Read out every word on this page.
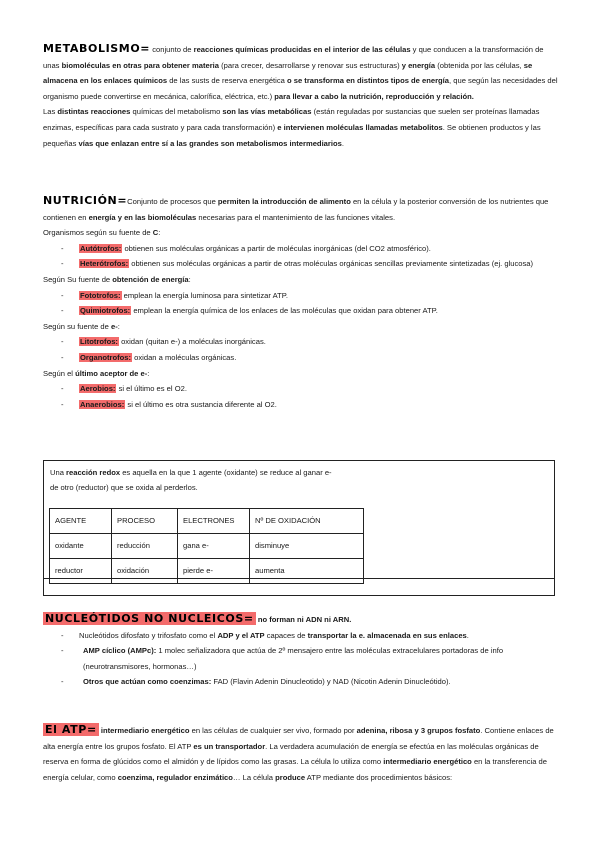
METABOLISMO= conjunto de reacciones químicas producidas en el interior de las células y que conducen a la transformación de unas biomoléculas en otras para obtener materia (para crecer, desarrollarse y renovar sus estructuras) y energía (obtenida por las células, se almacena en los enlaces químicos de las susts de reserva energética o se transforma en distintos tipos de energía, que según las necesidades del organismo puede convertirse en mecánica, calorífica, eléctrica, etc.) para llevar a cabo la nutrición, reproducción y relación.

Las distintas reacciones químicas del metabolismo son las vías metabólicas (están reguladas por sustancias que suelen ser proteínas llamadas enzimas, específicas para cada sustrato y para cada transformación) e intervienen moléculas llamadas metabolitos. Se obtienen productos y las pequeñas vías que enlazan entre sí a las grandes son metabolismos intermediarios.

NUTRICIÓN=Conjunto de procesos que permiten la introducción de alimento en la célula y la posterior conversión de los nutrientes que contienen en energía y en las biomoléculas necesarias para el mantenimiento de las funciones vitales.

Organismos según su fuente de C:

-	Autótrofos: obtienen sus moléculas orgánicas a partir de moléculas inorgánicas (del CO2 atmosférico).
-	Heterótrofos: obtienen sus moléculas orgánicas a partir de otras moléculas orgánicas sencillas previamente sintetizadas (ej. glucosa)

Según Su fuente de obtención de energía:

-	Fototrofos: emplean la energía luminosa para sintetizar ATP.
-	Quimiotrofos: emplean la energía química de los enlaces de las moléculas que oxidan para obtener ATP.

Según su fuente de e-:

-	Litotrofos: oxidan (quitan e-) a moléculas inorgánicas.
-	Organotrofos: oxidan a moléculas orgánicas.

Según el último aceptor de e-:

-	Aerobios: si el último es el O2.
-	Anaerobios: si el último es otra sustancia diferente al O2.
Una reacción redox es aquella en la que 1 agente (oxidante) se reduce al ganar e- de otro (reductor) que se oxida al perderlos.
AGENTE	PROCESO	ELECTRONES	Nº DE OXIDACIÓN
oxidante	reducción	gana e-	disminuye
reductor	oxidación	pierde e-	aumenta

NUCLEÓTIDOS NO NUCLEICOS= no forman ni ADN ni ARN.

-	Nucleótidos difosfato y trifosfato como el ADP y el ATP capaces de transportar la e. almacenada en sus enlaces.
-	AMP cíclico (AMPc): 1 molec señalizadora que actúa de 2º mensajero entre las moléculas extracelulares portadoras de info (neurotransmisores, hormonas…)
-	Otros que actúan como coenzimas: FAD (Flavin Adenin Dinucleotido) y NAD (Nicotin Adenin Dinucleótido).

El ATP= intermediario energético en las células de cualquier ser vivo, formado por adenina, ribosa y 3 grupos fosfato. Contiene enlaces de alta energía entre los grupos fosfato. El ATP es un transportador. La verdadera acumulación de energía se efectúa en las moléculas orgánicas de reserva en forma de glúcidos como el almidón y de lípidos como las grasas. La célula lo utiliza como intermediario energético en la transferencia de energía celular, como coenzima, regulador enzimático… La célula produce ATP mediante dos procedimientos básicos:
